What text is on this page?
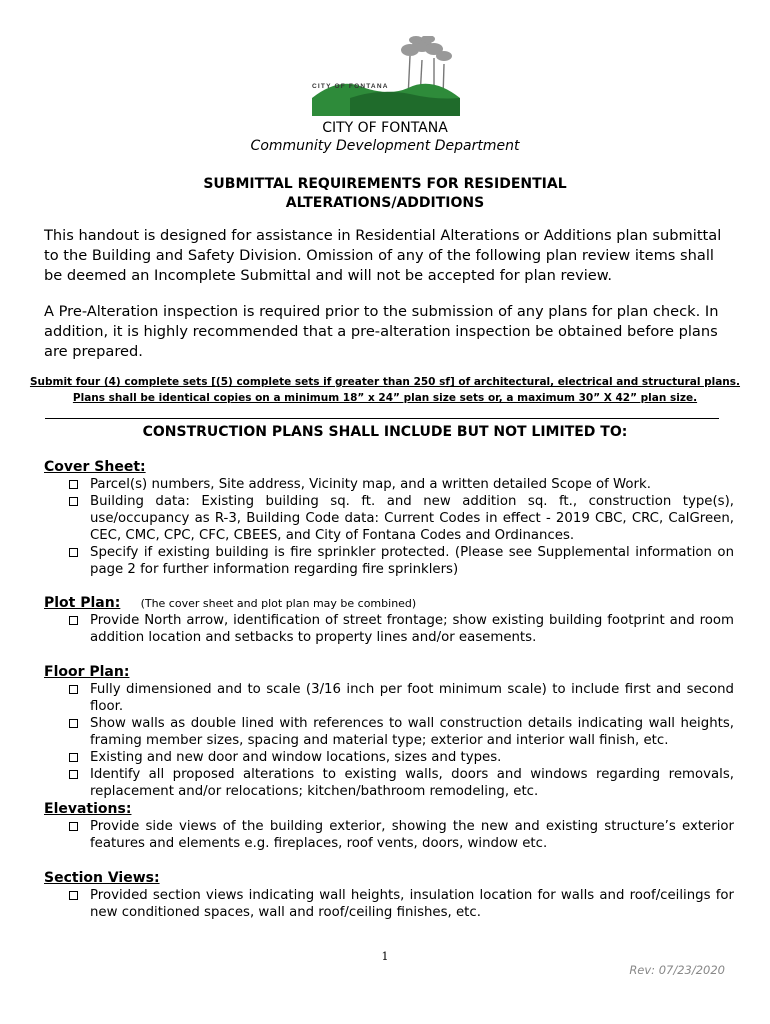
CITY OF FONTANA
CITY OF FONTANA
Community Development Department
SUBMITTAL REQUIREMENTS FOR RESIDENTIAL
ALTERATIONS/ADDITIONS
This handout is designed for assistance in Residential Alterations or Additions plan submittal to the Building and Safety Division. Omission of any of the following plan review items shall be deemed an Incomplete Submittal and will not be accepted for plan review.
A Pre-Alteration inspection is required prior to the submission of any plans for plan check. In addition, it is highly recommended that a pre-alteration inspection be obtained before plans are prepared.
Submit four (4) complete sets [(5) complete sets if greater than 250 sf] of architectural, electrical and structural plans.
Plans shall be identical copies on a minimum 18” x 24” plan size sets or, a maximum 30” X 42” plan size.
CONSTRUCTION PLANS SHALL INCLUDE BUT NOT LIMITED TO:
Cover Sheet:
Parcel(s) numbers, Site address, Vicinity map, and a written detailed Scope of Work.
Building data: Existing building sq. ft. and new addition sq. ft., construction type(s), use/occupancy as R-3, Building Code data: Current Codes in effect - 2019 CBC, CRC, CalGreen, CEC, CMC, CPC, CFC, CBEES, and City of Fontana Codes and Ordinances.
Specify if existing building is fire sprinkler protected. (Please see Supplemental information on page 2 for further information regarding fire sprinklers)
Plot Plan: (The cover sheet and plot plan may be combined)
Provide North arrow, identification of street frontage; show existing building footprint and room addition location and setbacks to property lines and/or easements.
Floor Plan:
Fully dimensioned and to scale (3/16 inch per foot minimum scale) to include first and second floor.
Show walls as double lined with references to wall construction details indicating wall heights, framing member sizes, spacing and material type; exterior and interior wall finish, etc.
Existing and new door and window locations, sizes and types.
Identify all proposed alterations to existing walls, doors and windows regarding removals, replacement and/or relocations; kitchen/bathroom remodeling, etc.
Elevations:
Provide side views of the building exterior, showing the new and existing structure’s exterior features and elements e.g. fireplaces, roof vents, doors, window etc.
Section Views:
Provided section views indicating wall heights, insulation location for walls and roof/ceilings for new conditioned spaces, wall and roof/ceiling finishes, etc.
1
Rev: 07/23/2020
